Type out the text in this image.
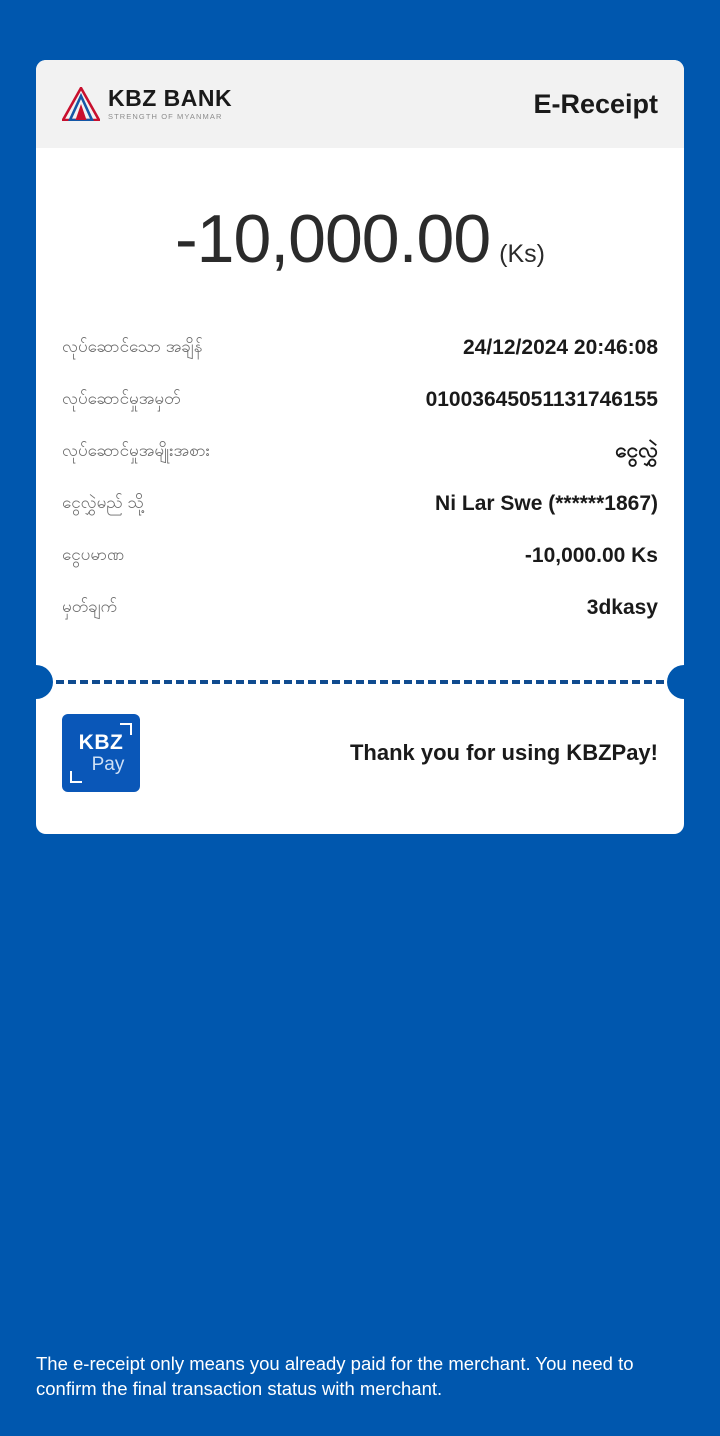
KBZ BANK
STRENGTH OF MYANMAR	E-Receipt
-10,000.00 (Ks)
လုပ်ဆောင်သော အချိန်	24/12/2024 20:46:08
လုပ်ဆောင်မှုအမှတ်	01003645051131746155
လုပ်ဆောင်မှုအမျိုးအစား	ငွေလွှဲ
ငွေလွှဲမည် သို့	Ni Lar Swe (******1867)
ငွေပမာဏ	-10,000.00 Ks
မှတ်ချက်	3dkasy
KBZ
Pay	Thank you for using KBZPay!
The e-receipt only means you already paid for the merchant. You need to confirm the final transaction status with merchant.
